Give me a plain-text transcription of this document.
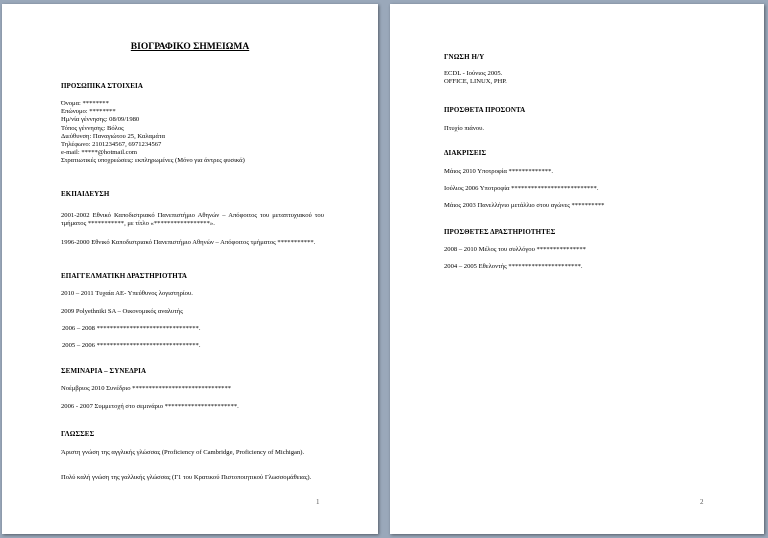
ΒΙΟΓΡΑΦΙΚΟ ΣΗΜΕΙΩΜΑ
ΠΡΟΣΩΠΙΚΑ ΣΤΟΙΧΕΙΑ
Όνομα: ********
Επώνυμο: ********
Ημ/νία γέννησης: 08/09/1980
Τόπος γέννησης: Βόλος
Διεύθυνση: Παναγιώτου 25, Καλαμάτα
Τηλέφωνο: 2101234567, 6971234567
e-mail: *****@hotmail.com
Στρατιωτικές υποχρεώσεις: εκπληρωμένες (Μόνο για άντρες φυσικά)
ΕΚΠΑΙΔΕΥΣΗ
2001-2002 Εθνικό Καποδιστριακό Πανεπιστήμιο Αθηνών – Απόφοιτος του μεταπτυχιακού του τμήματος ***********, με τίτλο «*****************».
1996-2000 Εθνικό Καποδιστριακό Πανεπιστήμιο Αθηνών – Απόφοιτος τμήματος ***********.
ΕΠΑΓΓΕΛΜΑΤΙΚΗ ΔΡΑΣΤΗΡΙΟΤΗΤΑ
2010 – 2011 Τυχαία ΑΕ- Υπεύθυνος λογιστηρίου.
2009 Polyethniki SA – Οικονομικός αναλυτής
2006 – 2008 *******************************.
2005 – 2006 *******************************.
ΣΕΜΙΝΑΡΙΑ – ΣΥΝΕΔΡΙΑ
Νοέμβριος 2010 Συνέδριο ******************************
2006 - 2007 Συμμετοχή στο σεμινάριο **********************.
ΓΛΩΣΣΕΣ
Άριστη γνώση της αγγλικής γλώσσας (Proficiency of Cambridge, Proficiency of Michigan).
Πολύ καλή γνώση της γαλλικής γλώσσας (Γ1 του Κρατικού Πιστοποιητικού Γλωσσομάθειας).
1
ΓΝΩΣΗ Η/Υ
ECDL - Ιούνιος 2005.
OFFICE, LINUX, PHP.
ΠΡΟΣΘΕΤΑ ΠΡΟΣΟΝΤΑ
Πτυχίο πιάνου.
ΔΙΑΚΡΙΣΕΙΣ
Μάιος 2010 Υποτροφία *************.
Ιούλιος 2006 Υποτροφία **************************.
Μάιος 2003 Πανελλήνιο μετάλλιο στου αγώνες **********
ΠΡΟΣΘΕΤΕΣ ΔΡΑΣΤΗΡΙΟΤΗΤΕΣ
2008 – 2010 Μέλος του συλλόγου ***************
2004 – 2005 Εθελοντής **********************.
2
